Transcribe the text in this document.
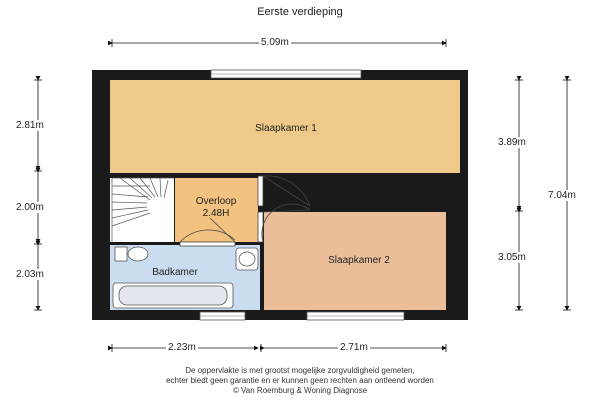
Eerste verdieping
5.09m
2.81m
2.00m
2.03m
3.89m
3.05m
7.04m
2.23m	2.71m
Slaapkamer 1
Overloop
2.48H
Badkamer
Slaapkamer 2
De oppervlakte is met grootst mogelijke zorgvuldigheid gemeten,
echter biedt geen garantie en er kunnen geen rechten aan ontleend worden
© Van Roemburg & Woning Diagnose
